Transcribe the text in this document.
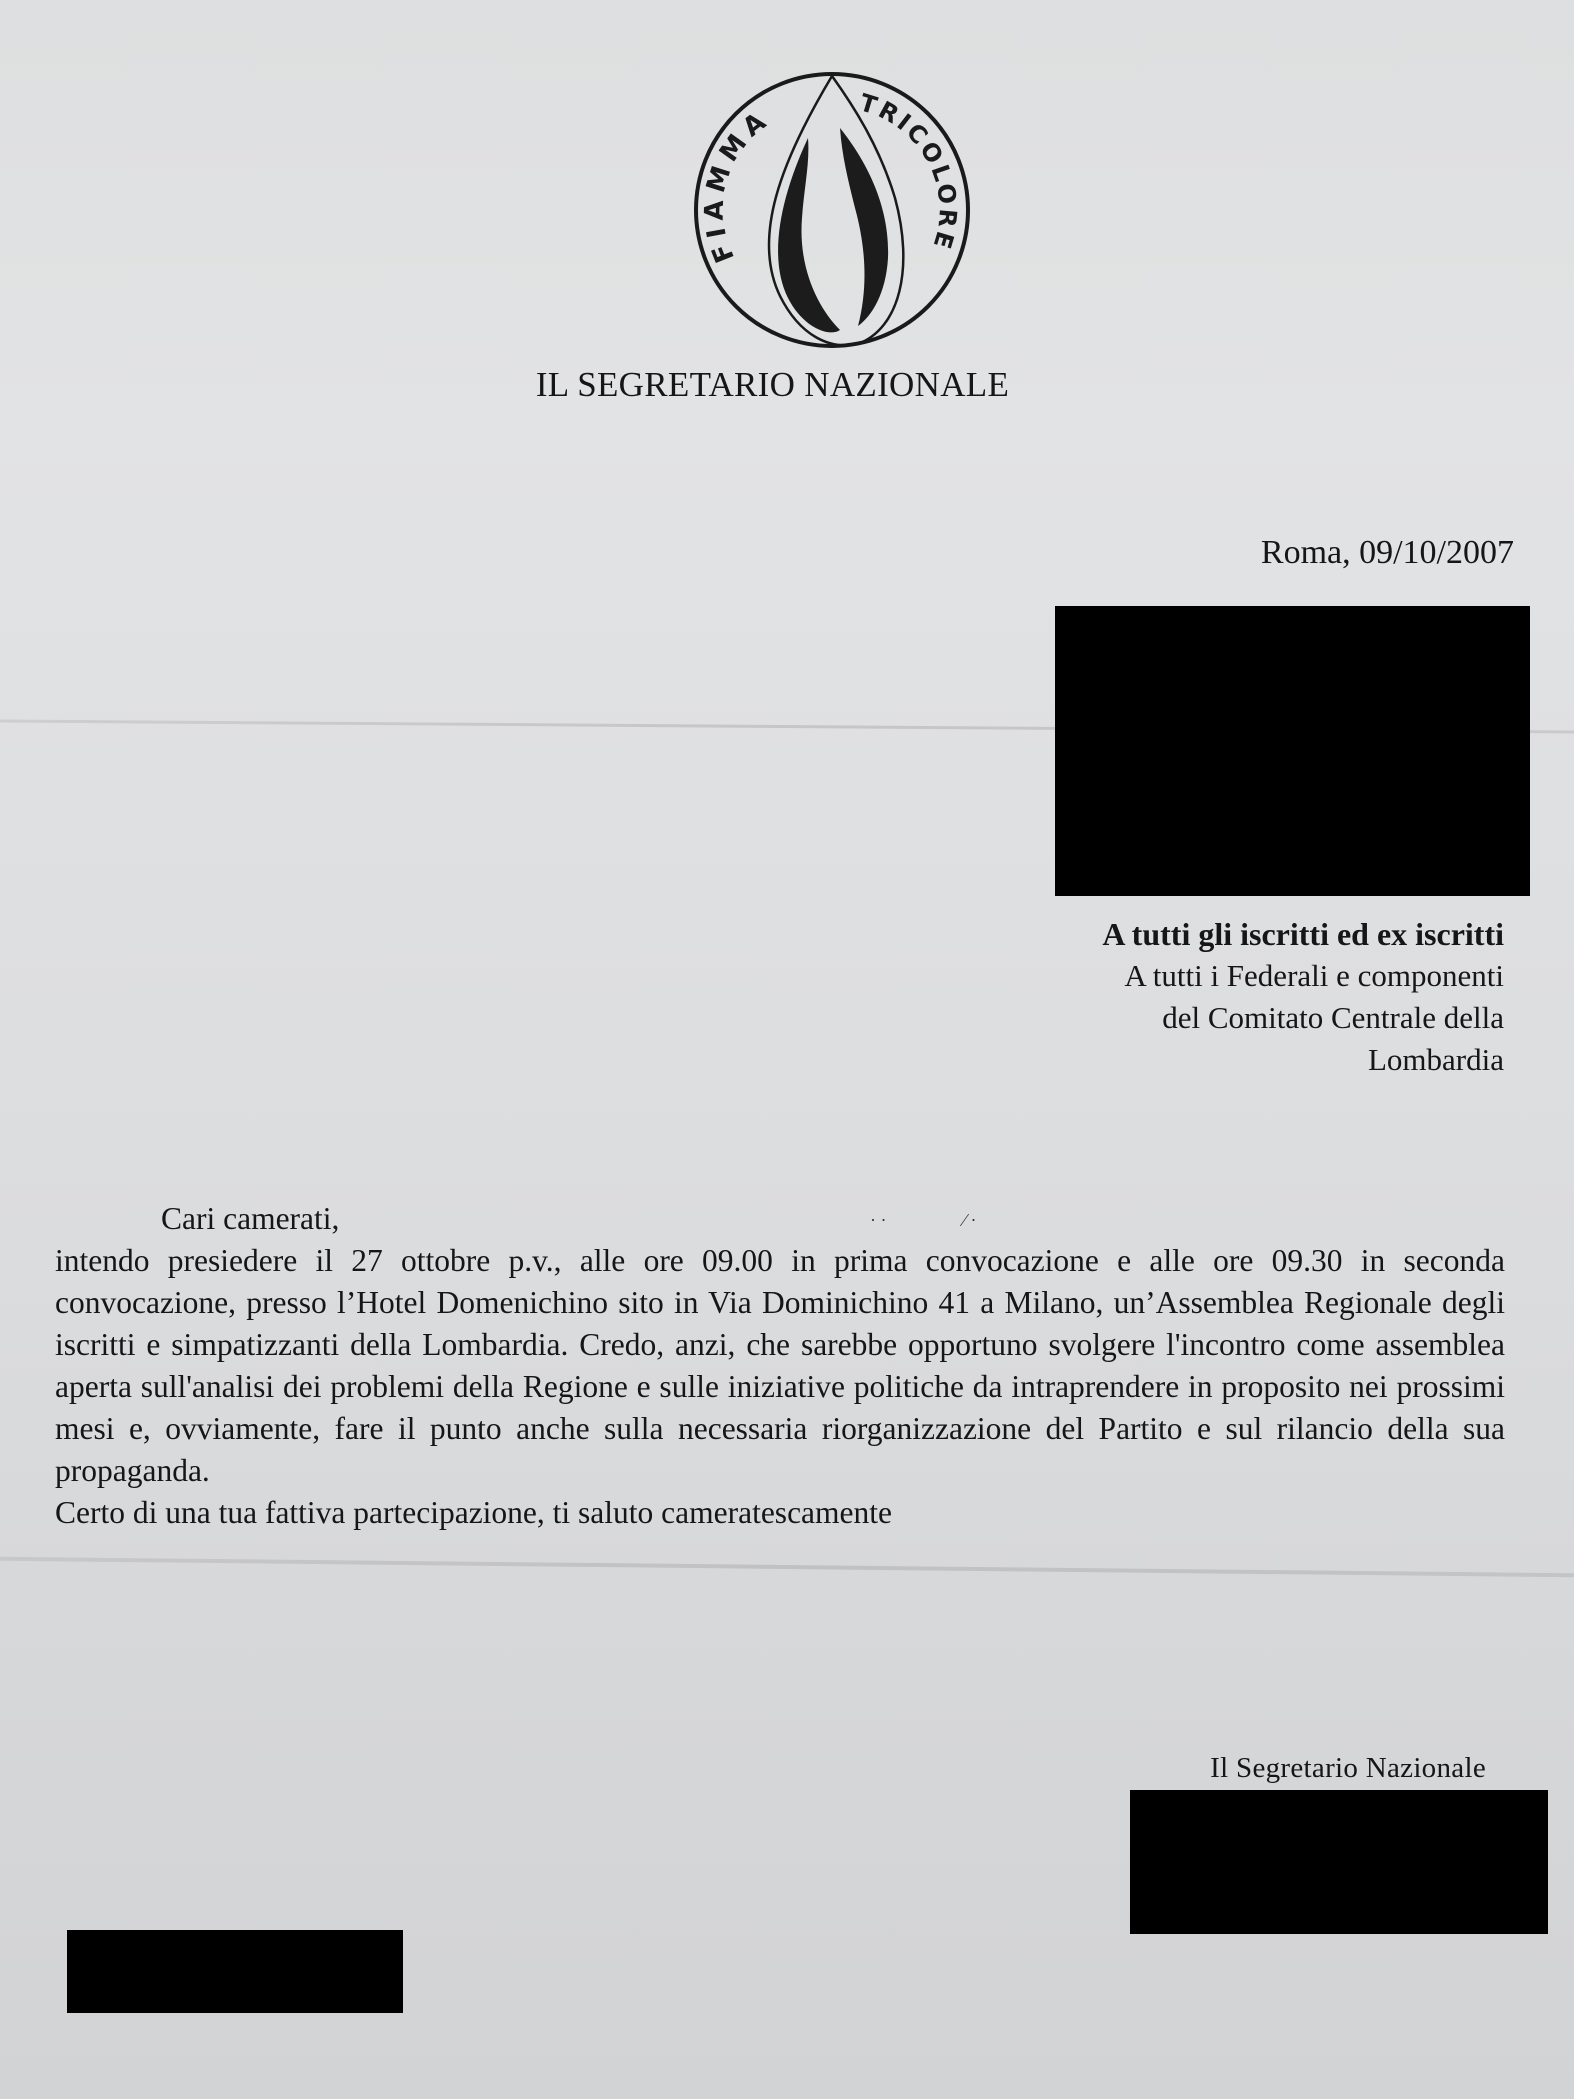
​
FIAMMA	TRICOLORE
IL SEGRETARIO NAZIONALE
Roma, 09/10/2007
A tutti gli iscritti ed ex iscritti
A tutti i Federali e componenti
del Comitato Centrale della
Lombardia
· ·                 ⁄ ·
Cari camerati,
intendo presiedere il 27 ottobre p.v., alle ore 09.00 in prima convocazione e alle ore 09.30 in seconda convocazione, presso l’Hotel Domenichino sito in Via Dominichino 41 a Milano, un’Assemblea Regionale degli iscritti e simpatizzanti della Lombardia. Credo, anzi, che sarebbe opportuno svolgere l'incontro come assemblea aperta sull'analisi dei problemi della Regione e sulle iniziative politiche da intraprendere in proposito nei prossimi mesi e, ovviamente, fare il punto anche sulla necessaria riorganizzazione del Partito e sul rilancio della sua propaganda.
Certo di una tua fattiva partecipazione, ti saluto cameratescamente
Il Segretario Nazionale
